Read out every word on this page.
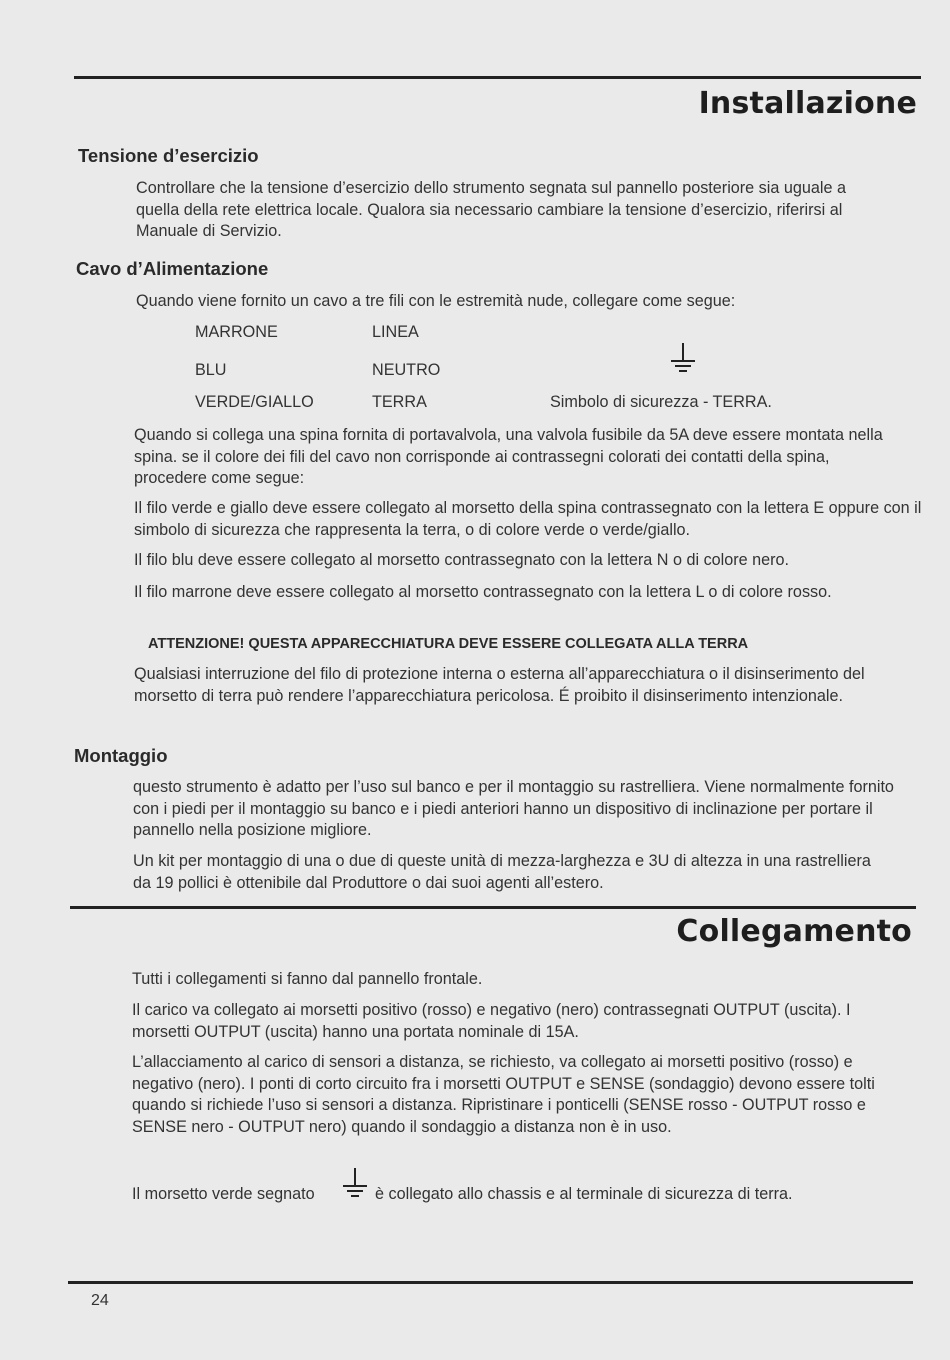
Installazione
Tensione d’esercizio

Controllare che la tensione d’esercizio dello strumento segnata sul pannello posteriore sia uguale a quella della rete elettrica locale. Qualora sia necessario cambiare la tensione d’esercizio, riferirsi al Manuale di Servizio.

Cavo d’Alimentazione

Quando viene fornito un cavo a tre fili con le estremità nude, collegare come segue:

MARRONE	LINEA
BLU	NEUTRO
VERDE/GIALLO	TERRA	Simbolo di sicurezza - TERRA.

Quando si collega una spina fornita di portavalvola, una valvola fusibile da 5A deve essere montata nella spina. se il colore dei fili del cavo non corrisponde ai contrassegni colorati dei contatti della spina, procedere come segue:

Il filo verde e giallo deve essere collegato al morsetto della spina contrassegnato con la lettera E oppure con il simbolo di sicurezza che rappresenta la terra, o di colore verde o verde/giallo.

Il filo blu deve essere collegato al morsetto contrassegnato con la lettera N o di colore nero.

Il filo marrone deve essere collegato al morsetto contrassegnato con la lettera L o di colore rosso.

ATTENZIONE! QUESTA APPARECCHIATURA DEVE ESSERE COLLEGATA ALLA TERRA

Qualsiasi interruzione del filo di protezione interna o esterna all’apparecchiatura o il disinserimento del morsetto di terra può rendere l’apparecchiatura pericolosa. É proibito il disinserimento intenzionale.

Montaggio

questo strumento è adatto per l’uso sul banco e per il montaggio su rastrelliera. Viene normalmente fornito con i piedi per il montaggio su banco e i piedi anteriori hanno un dispositivo di inclinazione per portare il pannello nella posizione migliore.

Un kit per montaggio di una o due di queste unità di mezza-larghezza e 3U di altezza in una rastrelliera da 19 pollici è ottenibile dal Produttore o dai suoi agenti all’estero.

Collegamento

Tutti i collegamenti si fanno dal pannello frontale.

Il carico va collegato ai morsetti positivo (rosso) e negativo (nero) contrassegnati OUTPUT (uscita). I morsetti OUTPUT (uscita) hanno una portata nominale di 15A.

L’allacciamento al carico di sensori a distanza, se richiesto, va collegato ai morsetti positivo (rosso) e negativo (nero). I ponti di corto circuito fra i morsetti OUTPUT e SENSE (sondaggio) devono essere tolti quando si richiede l’uso si sensori a distanza. Ripristinare i ponticelli (SENSE rosso - OUTPUT rosso e SENSE nero - OUTPUT nero) quando il sondaggio a distanza non è in uso.

Il morsetto verde segnato	è collegato allo chassis e al terminale di sicurezza di terra.
24
